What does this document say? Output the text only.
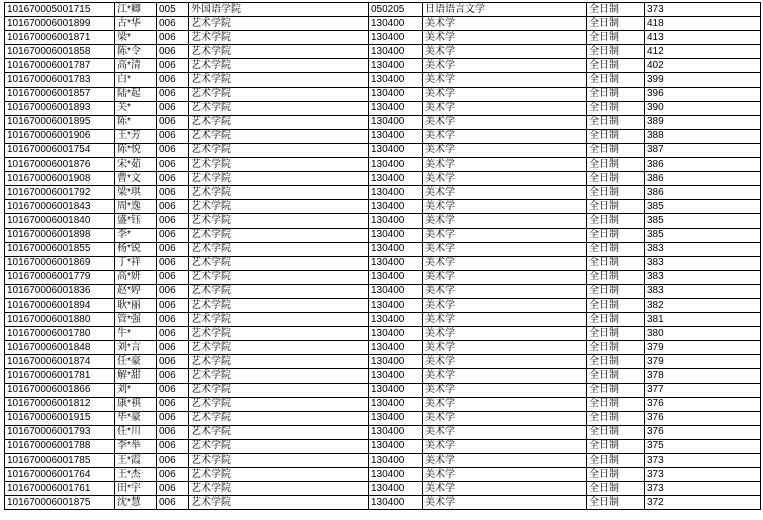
101670005001715	江*卿	005	外国语学院	050205	日语语言文学	全日制	373
101670006001899	古*华	006	艺术学院	130400	美术学	全日制	418
101670006001871	梁*	006	艺术学院	130400	美术学	全日制	413
101670006001858	陈*令	006	艺术学院	130400	美术学	全日制	412
101670006001787	高*清	006	艺术学院	130400	美术学	全日制	402
101670006001783	白*	006	艺术学院	130400	美术学	全日制	399
101670006001857	陆*起	006	艺术学院	130400	美术学	全日制	396
101670006001893	关*	006	艺术学院	130400	美术学	全日制	390
101670006001895	陈*	006	艺术学院	130400	美术学	全日制	389
101670006001906	王*芳	006	艺术学院	130400	美术学	全日制	388
101670006001754	陈*悦	006	艺术学院	130400	美术学	全日制	387
101670006001876	宋*茹	006	艺术学院	130400	美术学	全日制	386
101670006001908	曹*文	006	艺术学院	130400	美术学	全日制	386
101670006001792	梁*琪	006	艺术学院	130400	美术学	全日制	386
101670006001843	周*逸	006	艺术学院	130400	美术学	全日制	385
101670006001840	盛*钰	006	艺术学院	130400	美术学	全日制	385
101670006001898	李*	006	艺术学院	130400	美术学	全日制	385
101670006001855	杨*锐	006	艺术学院	130400	美术学	全日制	383
101670006001869	丁*祥	006	艺术学院	130400	美术学	全日制	383
101670006001779	高*妍	006	艺术学院	130400	美术学	全日制	383
101670006001836	赵*婷	006	艺术学院	130400	美术学	全日制	383
101670006001894	耿*丽	006	艺术学院	130400	美术学	全日制	382
101670006001880	管*强	006	艺术学院	130400	美术学	全日制	381
101670006001780	牛*	006	艺术学院	130400	美术学	全日制	380
101670006001848	刘*言	006	艺术学院	130400	美术学	全日制	379
101670006001874	任*豪	006	艺术学院	130400	美术学	全日制	379
101670006001781	解*甜	006	艺术学院	130400	美术学	全日制	378
101670006001866	刘*	006	艺术学院	130400	美术学	全日制	377
101670006001812	康*祺	006	艺术学院	130400	美术学	全日制	376
101670006001915	毕*豪	006	艺术学院	130400	美术学	全日制	376
101670006001793	任*川	006	艺术学院	130400	美术学	全日制	376
101670006001788	李*举	006	艺术学院	130400	美术学	全日制	375
101670006001785	王*霞	006	艺术学院	130400	美术学	全日制	373
101670006001764	王*杰	006	艺术学院	130400	美术学	全日制	373
101670006001761	田*宇	006	艺术学院	130400	美术学	全日制	373
101670006001875	沈*慧	006	艺术学院	130400	美术学	全日制	372
